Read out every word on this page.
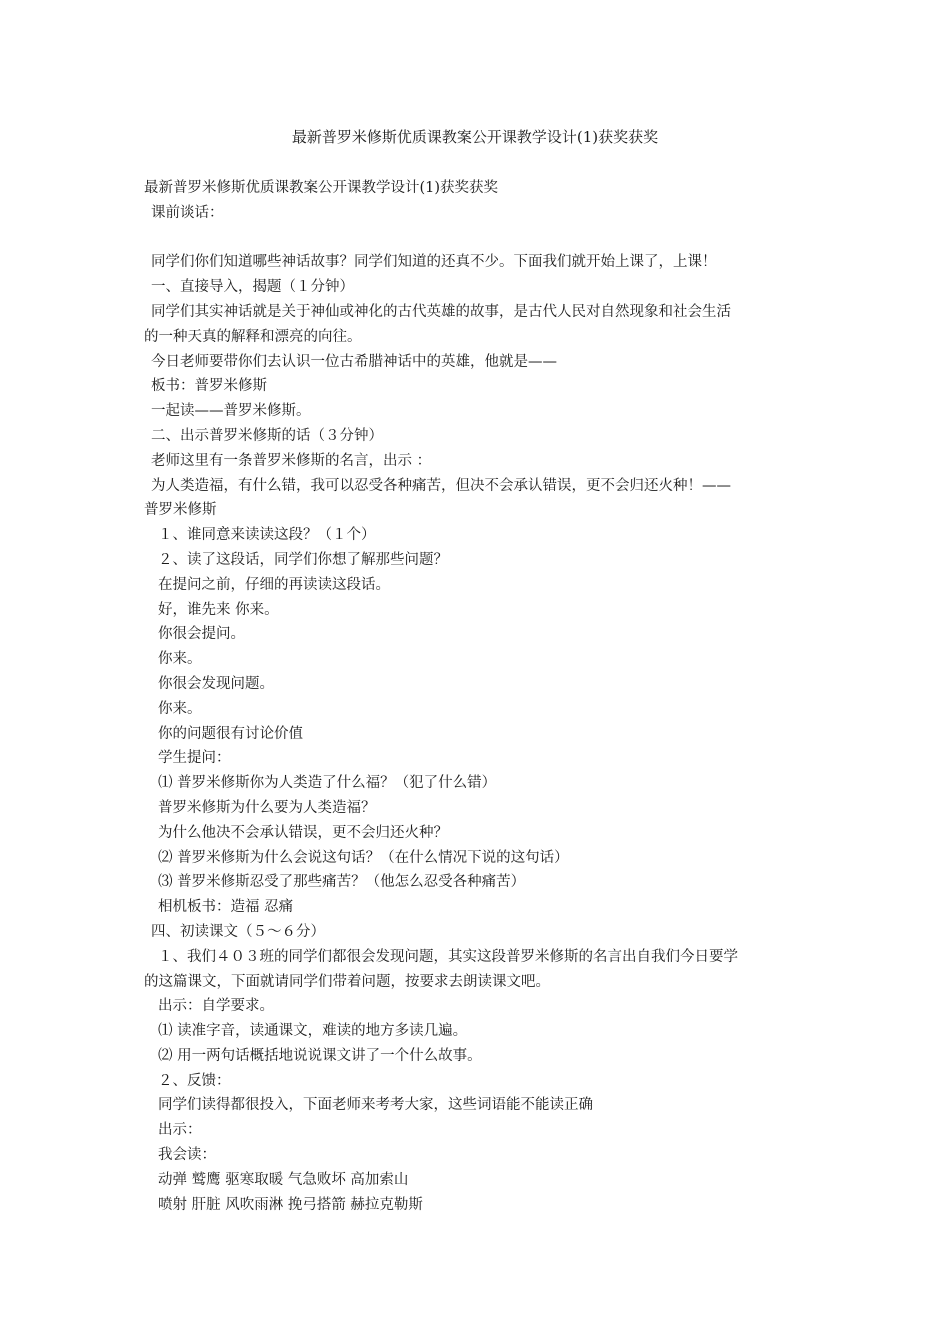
最新普罗米修斯优质课教案公开课教学设计(1)获奖获奖

最新普罗米修斯优质课教案公开课教学设计(1)获奖获奖

课前谈话：

同学们你们知道哪些神话故事？同学们知道的还真不少。下面我们就开始上课了，上课！

一、直接导入，揭题（１分钟）

同学们其实神话就是关于神仙或神化的古代英雄的故事，是古代人民对自然现象和社会生活

的一种天真的解释和漂亮的向往。

今日老师要带你们去认识一位古希腊神话中的英雄，他就是——

板书：普罗米修斯

一起读——普罗米修斯。

二、出示普罗米修斯的话（３分钟）

老师这里有一条普罗米修斯的名言，出示 ：

为人类造福，有什么错，我可以忍受各种痛苦，但决不会承认错误，更不会归还火种！——

普罗米修斯

１、谁同意来读读这段？（１个）

２、读了这段话，同学们你想了解那些问题？

在提问之前，仔细的再读读这段话。

好，谁先来 你来。

你很会提问。

你来。

你很会发现问题。

你来。

你的问题很有讨论价值

学生提问：

⑴ 普罗米修斯你为人类造了什么福？（犯了什么错）

普罗米修斯为什么要为人类造福？

为什么他决不会承认错误，更不会归还火种？

⑵ 普罗米修斯为什么会说这句话？（在什么情况下说的这句话）

⑶ 普罗米修斯忍受了那些痛苦？（他怎么忍受各种痛苦）

相机板书：造福 忍痛

四、初读课文（５～６分）

１、我们４０３班的同学们都很会发现问题，其实这段普罗米修斯的名言出自我们今日要学

的这篇课文，下面就请同学们带着问题，按要求去朗读课文吧。

出示：自学要求。

⑴ 读准字音，读通课文，难读的地方多读几遍。

⑵ 用一两句话概括地说说课文讲了一个什么故事。

２、反馈：

同学们读得都很投入，下面老师来考考大家，这些词语能不能读正确

出示：

我会读：

动弹 鹫鹰 驱寒取暖 气急败坏 高加索山

喷射 肝脏 风吹雨淋 挽弓搭箭 赫拉克勒斯
